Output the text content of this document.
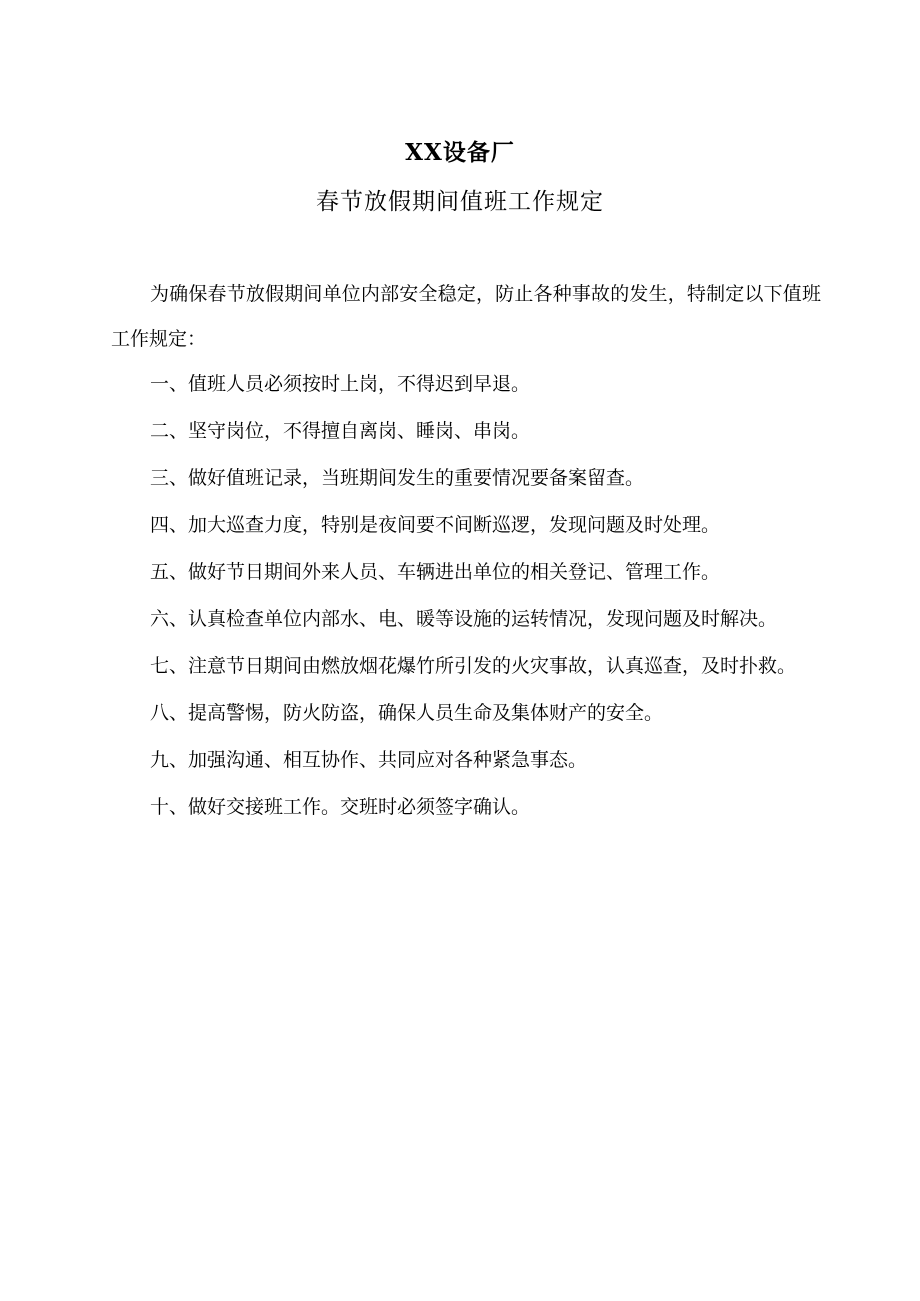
XX设备厂
春节放假期间值班工作规定

为确保春节放假期间单位内部安全稳定，防止各种事故的发生，特制定以下值班工作规定：

一、值班人员必须按时上岗，不得迟到早退。
二、坚守岗位，不得擅自离岗、睡岗、串岗。
三、做好值班记录，当班期间发生的重要情况要备案留查。
四、加大巡查力度，特别是夜间要不间断巡逻，发现问题及时处理。
五、做好节日期间外来人员、车辆进出单位的相关登记、管理工作。
六、认真检查单位内部水、电、暖等设施的运转情况，发现问题及时解决。
七、注意节日期间由燃放烟花爆竹所引发的火灾事故，认真巡查，及时扑救。
八、提高警惕，防火防盗，确保人员生命及集体财产的安全。
九、加强沟通、相互协作、共同应对各种紧急事态。
十、做好交接班工作。交班时必须签字确认。
